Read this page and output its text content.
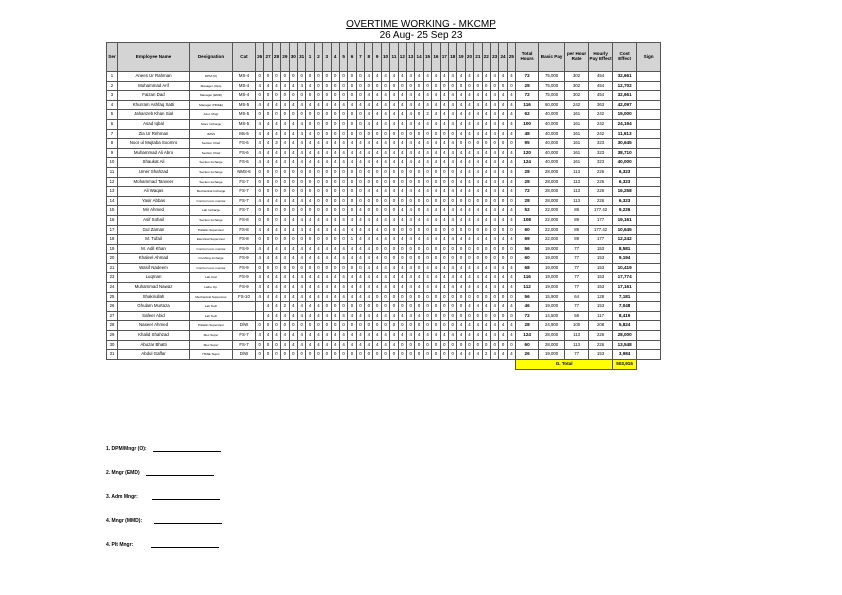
OVERTIME WORKING - MKCMP
26 Aug- 25 Sep 23
Ser	Employee Name	Designation	Cat	26	27	28	29	30	31	1	2	3	4	5	6	7	8	9	10	11	12	13	14	15	16	17	18	19	20	21	22	23	24	25	Total Hours	Basic Pay	per Hour Rate	Hourly Pay Effect	Cost Effect	Sign
1	Anees Ur Rahman	DPM (O)	MS-4	0	0	0	0	0	0	0	0	0	0	0	0	0	4	4	4	4	4	4	4	4	4	4	4	4	4	4	4	4	4	4	72	75,000	302	454	32,661	
2	Muhammad Arif	Manager (Ops)	MS-4	4	4	4	4	4	4	4	0	0	0	0	0	0	0	0	0	0	0	0	0	0	0	0	0	0	0	0	0	0	0	0	28	75,000	302	454	12,702	
3	Faizan Dad	Manager (EMD)	MS-4	0	0	0	0	0	0	0	0	0	0	0	0	0	4	4	4	4	4	4	4	4	4	4	4	4	4	4	4	4	4	4	72	75,000	302	454	32,661	
4	Khurram Ashfaq Satti	Manager (HR&E)	MS-5	4	4	4	4	4	4	4	4	4	4	4	4	4	4	4	4	4	4	4	4	4	4	4	4	4	4	4	4	4	4	4	116	60,000	242	363	42,097	
5	Jahanzeb Khan Sial	Asst. Mngr	MS-5	0	0	0	0	0	0	0	0	0	0	0	0	0	4	4	4	4	4	4	0	2	4	4	4	4	4	4	4	4	4	4	62	40,000	161	242	15,000	
6	Asad Iqbal	Store Incharge	MS-5	4	4	4	4	4	4	0	0	0	0	0	0	0	4	4	4	4	4	4	4	4	4	4	4	4	4	4	4	4	4	4	100	40,000	161	242	24,194	
7	Zia Ur Rehman	JMSS	Ms-5	4	4	4	4	4	4	4	0	0	0	0	0	0	0	0	0	0	0	0	0	0	0	0	0	4	4	4	4	4	4	4	48	40,000	161	242	11,613	
8	Noor ul Mujtaba Soomro	Section Chief	FS-6	4	4	3	4	4	4	4	4	4	4	4	4	4	4	4	4	4	4	4	4	4	4	4	4	0	0	0	0	0	0	0	95	40,000	161	323	30,645	
9	Muhammad Ali Abro	Section Chief	FS-6	4	4	4	4	4	4	4	4	4	4	4	4	4	4	4	4	4	4	4	4	4	4	4	4	4	4	4	4	4	4	4	120	40,000	161	323	38,710	
10	Shaukat Ali	Section Incharge	FS-6	4	4	4	4	4	4	4	4	4	4	4	4	4	4	4	4	4	4	4	4	4	4	4	4	4	4	4	4	4	4	4	124	40,000	161	323	40,000	
11	Umer Shahzad	Section Incharge	NMS-6	0	0	0	0	0	0	0	0	0	0	0	0	0	0	0	0	0	0	0	0	0	0	0	0	4	4	4	4	4	4	4	28	28,000	113	226	6,323	
12	Mohammad Tanveer	Section Incharge	FS-7	0	0	0	0	0	0	0	0	0	0	0	0	0	0	0	0	0	0	0	0	0	0	0	0	4	4	4	4	4	4	4	28	28,000	113	226	6,323	
13	Ali Waqas	Mechanical Incharge	FS-7	0	0	0	0	0	0	0	0	0	0	0	0	0	4	4	4	4	4	4	4	4	4	4	4	4	4	4	4	4	4	4	72	28,000	113	226	16,258	
14	Yasir Abbas	Control room monitor	FS-7	4	4	4	4	4	4	4	0	0	0	0	0	0	0	0	0	0	0	0	0	0	0	0	0	0	0	0	0	0	0	0	28	28,000	113	226	6,323	
15	Mir Ahmed	Lab Incharge	FS-7	0	0	0	0	0	0	0	0	0	0	0	0	4	0	0	0	0	4	4	0	4	4	4	4	4	4	4	4	4	4	4	52	22,000	89	177.42	9,226	
16	Asif Sohail	Section Incharge	FS-8	0	0	0	4	4	4	4	4	4	4	4	4	4	4	4	4	4	4	4	4	4	4	4	4	4	4	4	4	4	4	4	108	22,000	89	177	19,161	
17	Gul Zaman	Pitdatin Supervisor	FS-8	4	4	4	4	4	4	4	4	4	4	4	4	4	4	4	0	0	0	0	0	0	0	0	0	0	0	0	0	0	0	0	60	22,000	89	177.42	10,645	
18	M. Tufail	Electrical Supervisor	FS-8	0	0	0	0	0	0	0	0	0	0	0	1	4	4	4	4	4	4	4	4	4	4	4	4	4	4	4	4	4	4	4	69	22,000	89	177	12,242	
19	M. Adil Khan	Control room monitor	FS-9	4	4	4	4	4	4	4	4	4	4	4	4	4	4	0	0	0	0	0	0	0	0	0	0	0	0	0	0	0	0	0	56	19,000	77	153	8,581	
20	Khaleel Ahmad	Crushing Incharge	FS-9	4	4	4	4	4	4	4	4	4	4	4	4	4	4	4	0	0	0	0	0	0	0	0	0	0	0	0	0	0	0	0	60	19,000	77	153	9,194	
21	Wasif Nadeem	Control room monitor	FS-9	0	0	0	0	0	0	0	0	0	0	0	0	0	4	4	4	4	4	4	0	4	4	4	4	4	4	4	4	4	4	4	68	19,000	77	153	10,419	
23	Luqman	Lab Asst	FS-9	4	4	4	4	4	4	4	4	4	4	4	4	4	4	4	4	4	4	4	4	4	4	4	4	4	4	4	4	4	4	4	116	19,000	77	153	17,774	
24	Muhammad Nawaz	Lathe Op.	FS-9	4	4	4	4	4	4	4	4	4	4	4	4	4	4	4	4	4	4	4	4	4	4	4	4	4	4	4	4	4	4	4	112	19,000	77	153	17,161	
25	Shakirullah	Mechanical Supervisor	FS-10	4	4	4	4	4	4	4	4	4	4	4	4	4	4	0	0	0	0	0	0	0	0	0	0	0	0	0	0	0	0	0	56	15,900	64	128	7,181	
26	Ghulam Murtaza	Lab Tech			4	4	2	4	4	4	4	0	0	0	0	0	0	0	0	0	0	0	0	0	0	0	0	0	4	4	4	4	4	4	46	19,000	77	153	7,048	
27	Safeer Abid	Lab Tech			4	4	4	4	4	4	4	4	4	4	4	4	4	4	4	4	4	4	4	0	0	0	0	0	0	0	0	0	0	0	72	14,500	58	117	8,419	
28	Naseer Ahmed	Pitdatin Supervisor	D/W	0	0	0	0	0	0	0	0	0	0	0	0	0	0	0	0	0	0	0	0	0	0	0	0	4	4	4	4	4	4	4	28	24,900	100	208	5,824	
29	Khalid Shahzad	Mec Supvr	FS-7	4	4	4	4	4	4	4	4	4	4	4	4	4	4	4	4	4	4	4	4	4	4	4	4	4	4	4	4	4	4	4	124	28,000	113	226	28,000	
30	Abuzar Bhatti	Mec Supvr	FS-7	0	0	0	4	4	4	4	4	4	4	4	4	4	4	4	4	4	0	0	0	0	0	0	0	0	0	0	0	0	0	0	60	28,000	113	226	13,548	
31	Abdul Gaffar	HSSE Supvr	D/W	0	0	0	0	0	0	0	0	0	0	0	0	0	0	0	0	0	0	0	0	0	0	0	0	4	4	4	2	4	4	4	26	19,000	77	153	3,984	
																																			G. Total				503,916	
1. DPM/Mngr (O):
2. Mngr (EMD)
3. Adm Mngr:
4. Mngr (MMD):
4. Plt Mngr:
